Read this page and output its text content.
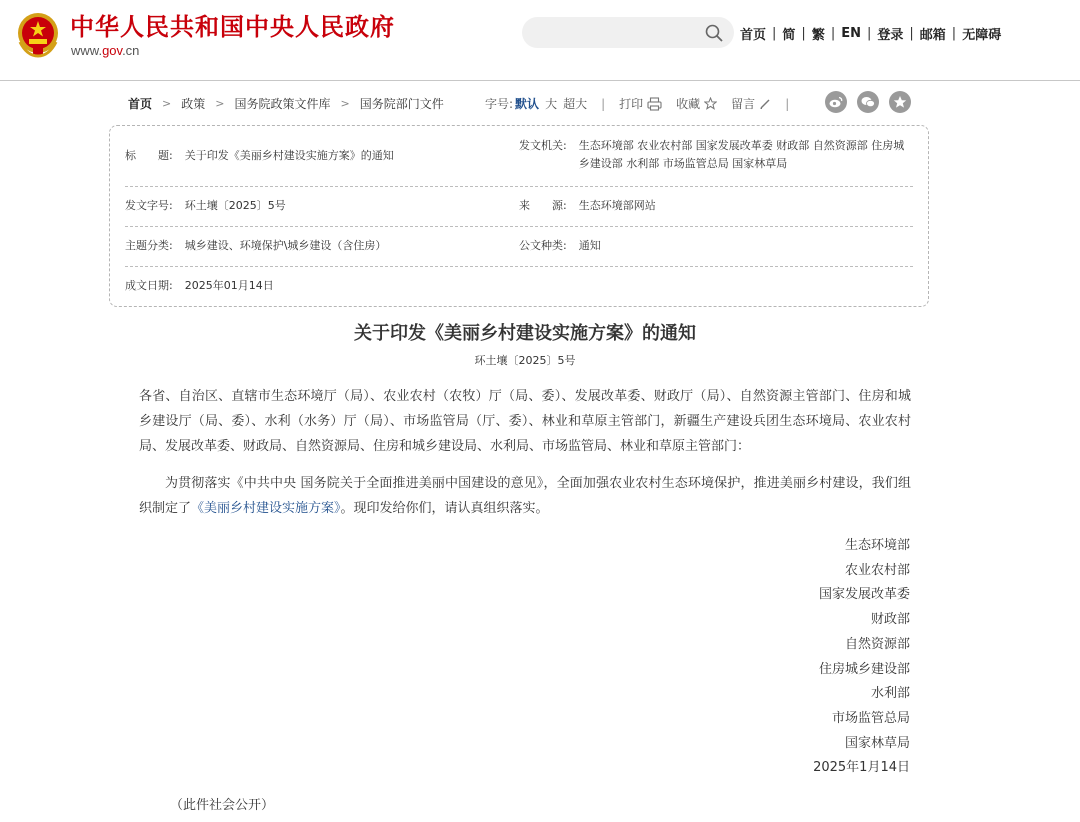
中华人民共和国中央人民政府
www.gov.cn
首页 | 简 | 繁 | EN | 登录 | 邮箱 | 无障碍
首页 > 政策 > 国务院政策文件库 > 国务院部门文件	字号: 默认 大 超大 | 打印	收藏	留言	|
标　　题: 关于印发《美丽乡村建设实施方案》的通知
发文机关: 生态环境部 农业农村部 国家发展改革委 财政部 自然资源部 住房城乡建设部 水利部 市场监管总局 国家林草局
发文字号: 环土壤〔2025〕5号	来　　源: 生态环境部网站
主题分类: 城乡建设、环境保护\城乡建设（含住房）	公文种类: 通知
成文日期: 2025年01月14日
关于印发《美丽乡村建设实施方案》的通知
环土壤〔2025〕5号
各省、自治区、直辖市生态环境厅（局）、农业农村（农牧）厅（局、委）、发展改革委、财政厅（局）、自然资源主管部门、住房和城乡建设厅（局、委）、水利（水务）厅（局）、市场监管局（厅、委）、林业和草原主管部门，新疆生产建设兵团生态环境局、农业农村局、发展改革委、财政局、自然资源局、住房和城乡建设局、水利局、市场监管局、林业和草原主管部门：
为贯彻落实《中共中央 国务院关于全面推进美丽中国建设的意见》，全面加强农业农村生态环境保护，推进美丽乡村建设，我们组织制定了《美丽乡村建设实施方案》。现印发给你们，请认真组织落实。
生态环境部
农业农村部
国家发展改革委
财政部
自然资源部
住房城乡建设部
水利部
市场监管总局
国家林草局
2025年1月14日
（此件社会公开）
